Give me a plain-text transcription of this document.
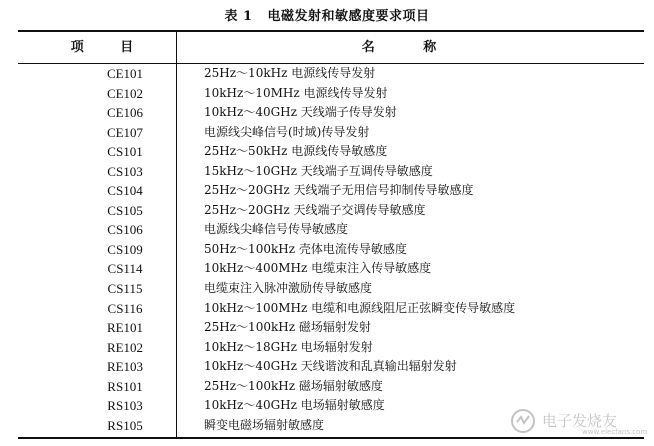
表 1 电磁发射和敏感度要求项目
项 目	名 称
CE101	25Hz～10kHz 电源线传导发射
CE102	10kHz～10MHz 电源线传导发射
CE106	10kHz～40GHz 天线端子传导发射
CE107	电源线尖峰信号(时域)传导发射
CS101	25Hz～50kHz 电源线传导敏感度
CS103	15kHz～10GHz 天线端子互调传导敏感度
CS104	25Hz～20GHz 天线端子无用信号抑制传导敏感度
CS105	25Hz～20GHz 天线端子交调传导敏感度
CS106	电源线尖峰信号传导敏感度
CS109	50Hz～100kHz 壳体电流传导敏感度
CS114	10kHz～400MHz 电缆束注入传导敏感度
CS115	电缆束注入脉冲激励传导敏感度
CS116	10kHz～100MHz 电缆和电源线阻尼正弦瞬变传导敏感度
RE101	25Hz～100kHz 磁场辐射发射
RE102	10kHz～18GHz 电场辐射发射
RE103	10kHz～40GHz 天线谐波和乱真输出辐射发射
RS101	25Hz～100kHz 磁场辐射敏感度
RS103	10kHz～40GHz 电场辐射敏感度
RS105	瞬变电磁场辐射敏感度	电子发烧友
www.elecfans.com
